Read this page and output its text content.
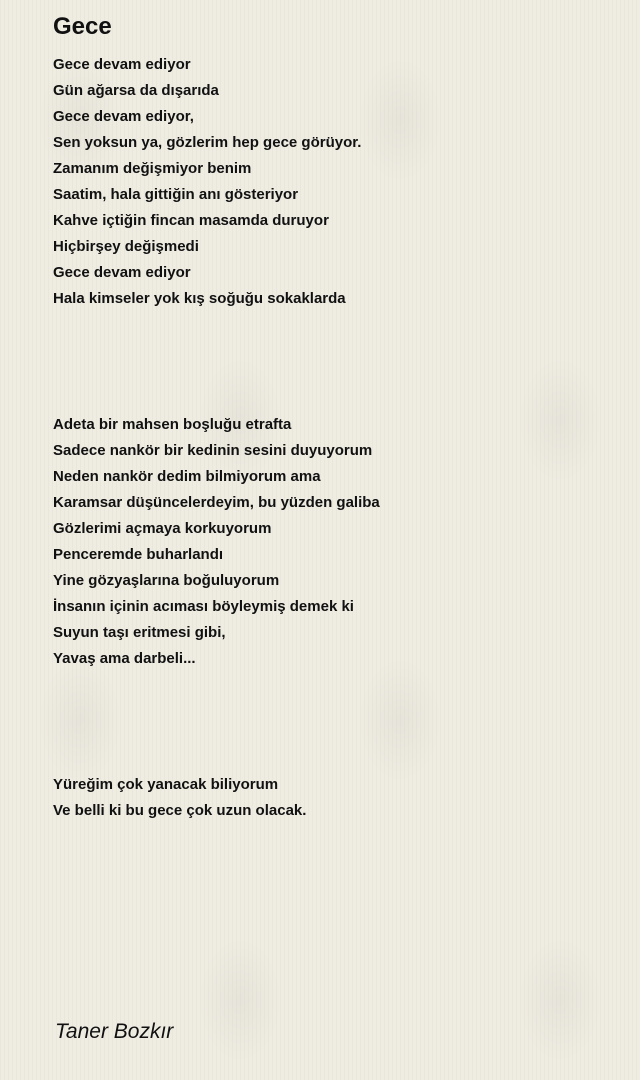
Gece
Gece devam ediyor
Gün ağarsa da dışarıda
Gece devam ediyor,
Sen yoksun ya, gözlerim hep gece görüyor.
Zamanım değişmiyor benim
Saatim, hala gittiğin anı gösteriyor
Kahve içtiğin fincan masamda duruyor
Hiçbirşey değişmedi
Gece devam ediyor
Hala kimseler yok kış soğuğu sokaklarda
Adeta bir mahsen boşluğu etrafta
Sadece nankör bir kedinin sesini duyuyorum
Neden nankör dedim bilmiyorum ama
Karamsar düşüncelerdeyim, bu yüzden galiba
Gözlerimi açmaya korkuyorum
Penceremde buharlandı
Yine gözyaşlarına boğuluyorum
İnsanın içinin acıması böyleymiş demek ki
Suyun taşı eritmesi gibi,
Yavaş ama darbeli...
Yüreğim çok yanacak biliyorum
Ve belli ki bu gece çok uzun olacak.

Taner Bozkır
